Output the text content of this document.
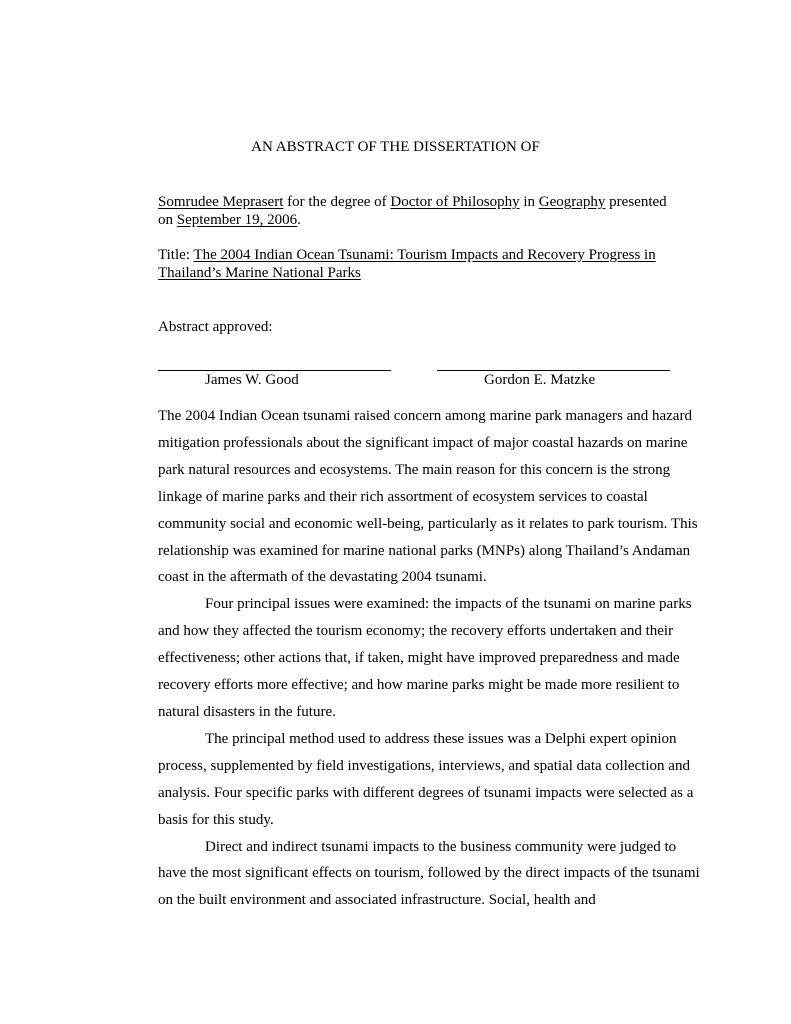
AN ABSTRACT OF THE DISSERTATION OF
Somrudee Meprasert for the degree of Doctor of Philosophy in Geography presented
on September 19, 2006.
Title: The 2004 Indian Ocean Tsunami: Tourism Impacts and Recovery Progress in
Thailand’s Marine National Parks
Abstract approved:
James W. Good	Gordon E. Matzke

The 2004 Indian Ocean tsunami raised concern among marine park managers and hazard mitigation professionals about the significant impact of major coastal hazards on marine park natural resources and ecosystems. The main reason for this concern is the strong linkage of marine parks and their rich assortment of ecosystem services to coastal community social and economic well-being, particularly as it relates to park tourism. This relationship was examined for marine national parks (MNPs) along Thailand’s Andaman coast in the aftermath of the devastating 2004 tsunami.

Four principal issues were examined: the impacts of the tsunami on marine parks and how they affected the tourism economy; the recovery efforts undertaken and their effectiveness; other actions that, if taken, might have improved preparedness and made recovery efforts more effective; and how marine parks might be made more resilient to natural disasters in the future.

The principal method used to address these issues was a Delphi expert opinion process, supplemented by field investigations, interviews, and spatial data collection and analysis. Four specific parks with different degrees of tsunami impacts were selected as a basis for this study.

Direct and indirect tsunami impacts to the business community were judged to have the most significant effects on tourism, followed by the direct impacts of the tsunami on the built environment and associated infrastructure. Social, health and
